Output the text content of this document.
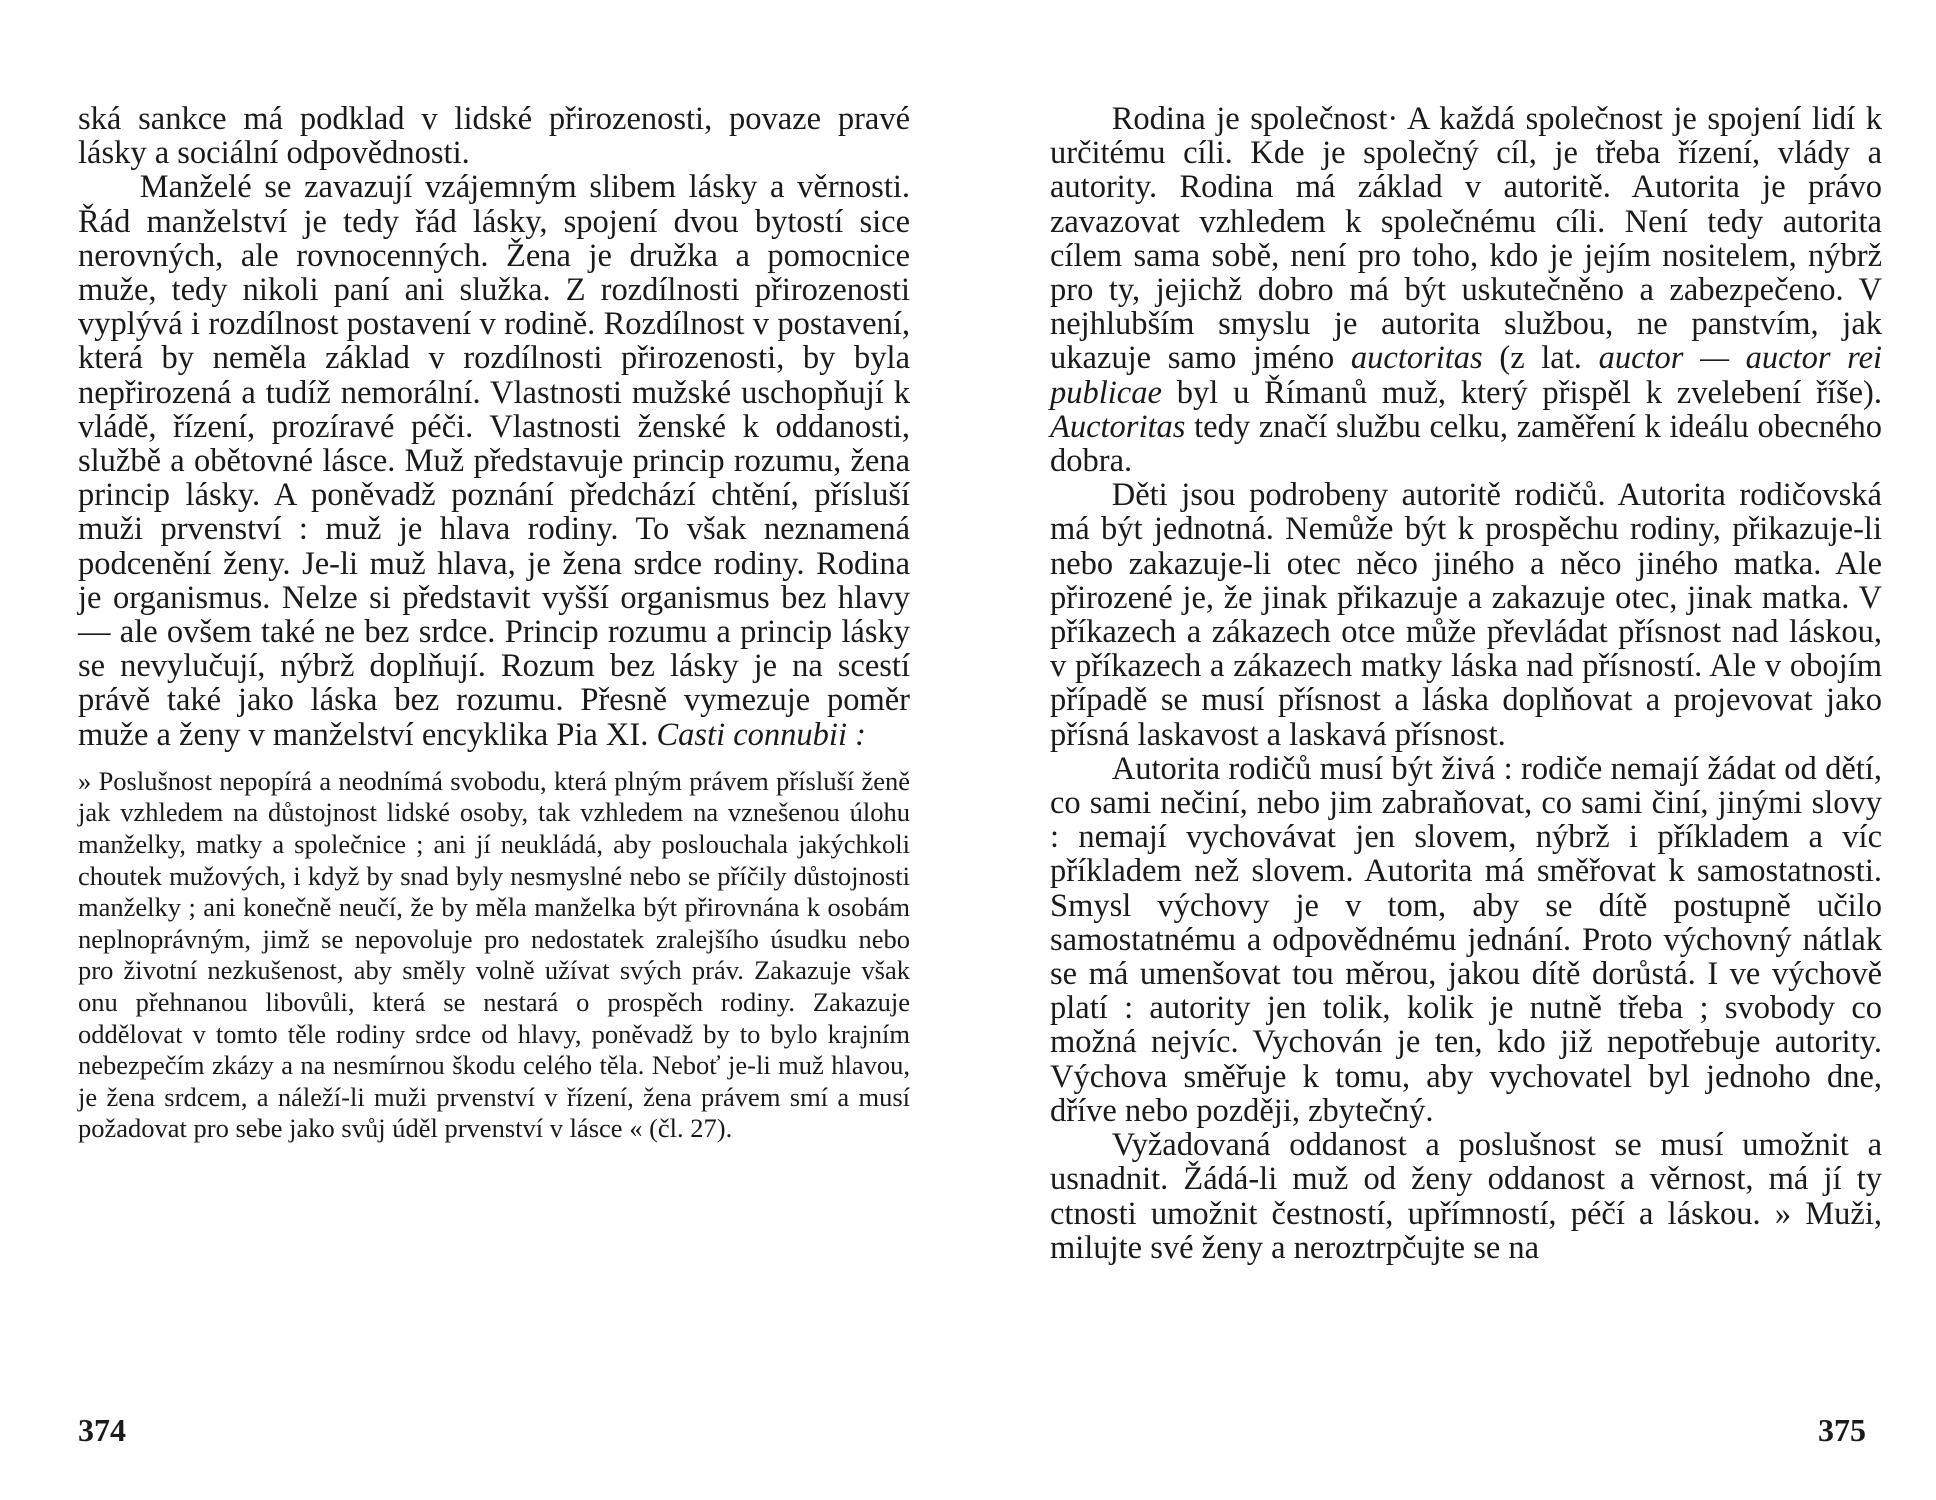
ská sankce má podklad v lidské přirozenosti, povaze pravé lásky a sociální odpovědnosti.

Manželé se zavazují vzájemným slibem lásky a věrnosti. Řád manželství je tedy řád lásky, spojení dvou bytostí sice nerovných, ale rovnocenných. Žena je družka a pomocnice muže, tedy nikoli paní ani služka. Z rozdílnosti přirozenosti vyplývá i rozdílnost postavení v rodině. Rozdílnost v postavení, která by neměla základ v rozdílnosti přirozenosti, by byla nepřirozená a tudíž nemorální. Vlastnosti mužské uschopňují k vládě, řízení, prozíravé péči. Vlastnosti ženské k oddanosti, službě a obětovné lásce. Muž představuje princip rozumu, žena princip lásky. A poněvadž poznání předchází chtění, přísluší muži prvenství : muž je hlava rodiny. To však neznamená podcenění ženy. Je-li muž hlava, je žena srdce rodiny. Rodina je organismus. Nelze si představit vyšší organismus bez hlavy — ale ovšem také ne bez srdce. Princip rozumu a princip lásky se nevylučují, nýbrž doplňují. Rozum bez lásky je na scestí právě také jako láska bez rozumu. Přesně vymezuje poměr muže a ženy v manželství encyklika Pia XI. Casti connubii :

» Poslušnost nepopírá a neodnímá svobodu, která plným právem přísluší ženě jak vzhledem na důstojnost lidské osoby, tak vzhledem na vznešenou úlohu manželky, matky a společnice ; ani jí neukládá, aby poslouchala jakýchkoli choutek mužových, i když by snad byly nesmyslné nebo se příčily důstojnosti manželky ; ani konečně neučí, že by měla manželka být přirovnána k osobám neplnoprávným, jimž se nepovoluje pro nedostatek zralejšího úsudku nebo pro životní nezkušenost, aby směly volně užívat svých práv. Zakazuje však onu přehnanou libovůli, která se nestará o prospěch rodiny. Zakazuje oddělovat v tomto těle rodiny srdce od hlavy, poněvadž by to bylo krajním nebezpečím zkázy a na nesmírnou škodu celého těla. Neboť je-li muž hlavou, je žena srdcem, a náleží-li muži prvenství v řízení, žena právem smí a musí požadovat pro sebe jako svůj úděl prvenství v lásce « (čl. 27).

Rodina je společnost· A každá společnost je spojení lidí k určitému cíli. Kde je společný cíl, je třeba řízení, vlády a autority. Rodina má základ v autoritě. Autorita je právo zavazovat vzhledem k společnému cíli. Není tedy autorita cílem sama sobě, není pro toho, kdo je jejím nositelem, nýbrž pro ty, jejichž dobro má být uskutečněno a zabezpečeno. V nejhlubším smyslu je autorita službou, ne panstvím, jak ukazuje samo jméno auctoritas (z lat. auctor — auctor rei publicae byl u Římanů muž, který přispěl k zvelebení říše). Auctoritas tedy značí službu celku, zaměření k ideálu obecného dobra.

Děti jsou podrobeny autoritě rodičů. Autorita rodičovská má být jednotná. Nemůže být k prospěchu rodiny, přikazuje-li nebo zakazuje-li otec něco jiného a něco jiného matka. Ale přirozené je, že jinak přikazuje a zakazuje otec, jinak matka. V příkazech a zákazech otce může převládat přísnost nad láskou, v příkazech a zákazech matky láska nad přísností. Ale v obojím případě se musí přísnost a láska doplňovat a projevovat jako přísná laskavost a laskavá přísnost.

Autorita rodičů musí být živá : rodiče nemají žádat od dětí, co sami nečiní, nebo jim zabraňovat, co sami činí, jinými slovy : nemají vychovávat jen slovem, nýbrž i příkladem a víc příkladem než slovem. Autorita má směřovat k samostatnosti. Smysl výchovy je v tom, aby se dítě postupně učilo samostatnému a odpovědnému jednání. Proto výchovný nátlak se má umenšovat tou měrou, jakou dítě dorůstá. I ve výchově platí : autority jen tolik, kolik je nutně třeba ; svobody co možná nejvíc. Vychován je ten, kdo již nepotřebuje autority. Výchova směřuje k tomu, aby vychovatel byl jednoho dne, dříve nebo později, zbytečný.

Vyžadovaná oddanost a poslušnost se musí umožnit a usnadnit. Žádá-li muž od ženy oddanost a věrnost, má jí ty ctnosti umožnit čestností, upřímností, péčí a láskou. » Muži, milujte své ženy a neroztrpčujte se na

374	375
